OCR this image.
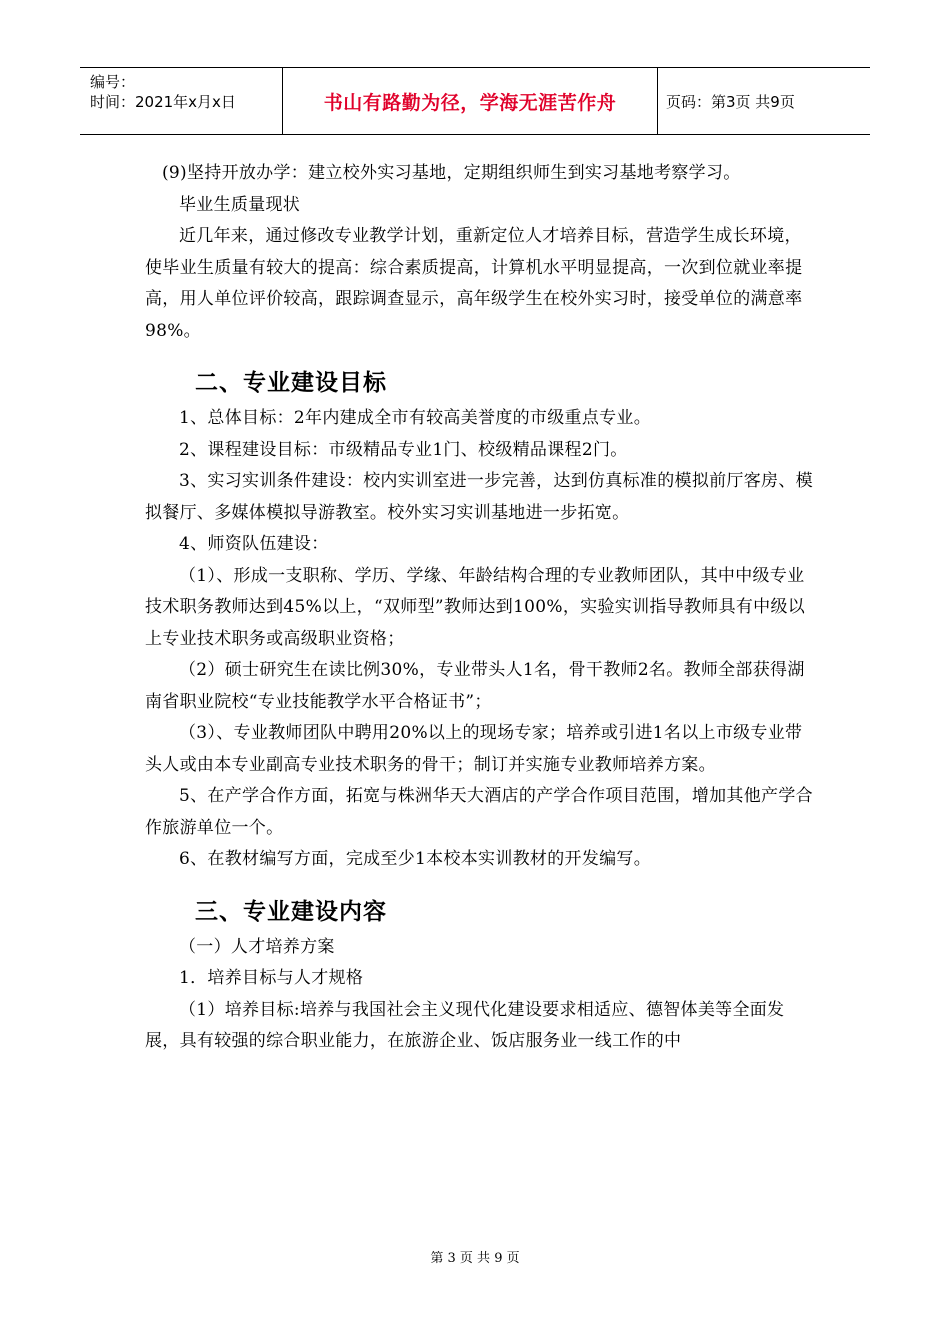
编号：
时间：2021年x月x日	书山有路勤为径，学海无涯苦作舟	页码：第3页 共9页

(9)坚持开放办学：建立校外实习基地，定期组织师生到实习基地考察学习。

毕业生质量现状

近几年来，通过修改专业教学计划，重新定位人才培养目标，营造学生成长环境，使毕业生质量有较大的提高：综合素质提高，计算机水平明显提高，一次到位就业率提高，用人单位评价较高，跟踪调查显示，高年级学生在校外实习时，接受单位的满意率98%。

二、专业建设目标

1、总体目标：2年内建成全市有较高美誉度的市级重点专业。

2、课程建设目标：市级精品专业1门、校级精品课程2门。

3、实习实训条件建设：校内实训室进一步完善，达到仿真标准的模拟前厅客房、模拟餐厅、多媒体模拟导游教室。校外实习实训基地进一步拓宽。

4、师资队伍建设：

（1）、形成一支职称、学历、学缘、年龄结构合理的专业教师团队，其中中级专业技术职务教师达到45%以上，“双师型”教师达到100%，实验实训指导教师具有中级以上专业技术职务或高级职业资格；

（2）硕士研究生在读比例30%，专业带头人1名，骨干教师2名。教师全部获得湖南省职业院校“专业技能教学水平合格证书”；

（3）、专业教师团队中聘用20%以上的现场专家；培养或引进1名以上市级专业带头人或由本专业副高专业技术职务的骨干；制订并实施专业教师培养方案。

5、在产学合作方面，拓宽与株洲华天大酒店的产学合作项目范围，增加其他产学合作旅游单位一个。

6、在教材编写方面，完成至少1本校本实训教材的开发编写。

三、专业建设内容

（一）人才培养方案

1．培养目标与人才规格

（1）培养目标:培养与我国社会主义现代化建设要求相适应、德智体美等全面发展，具有较强的综合职业能力，在旅游企业、饭店服务业一线工作的中

第 3 页 共 9 页
